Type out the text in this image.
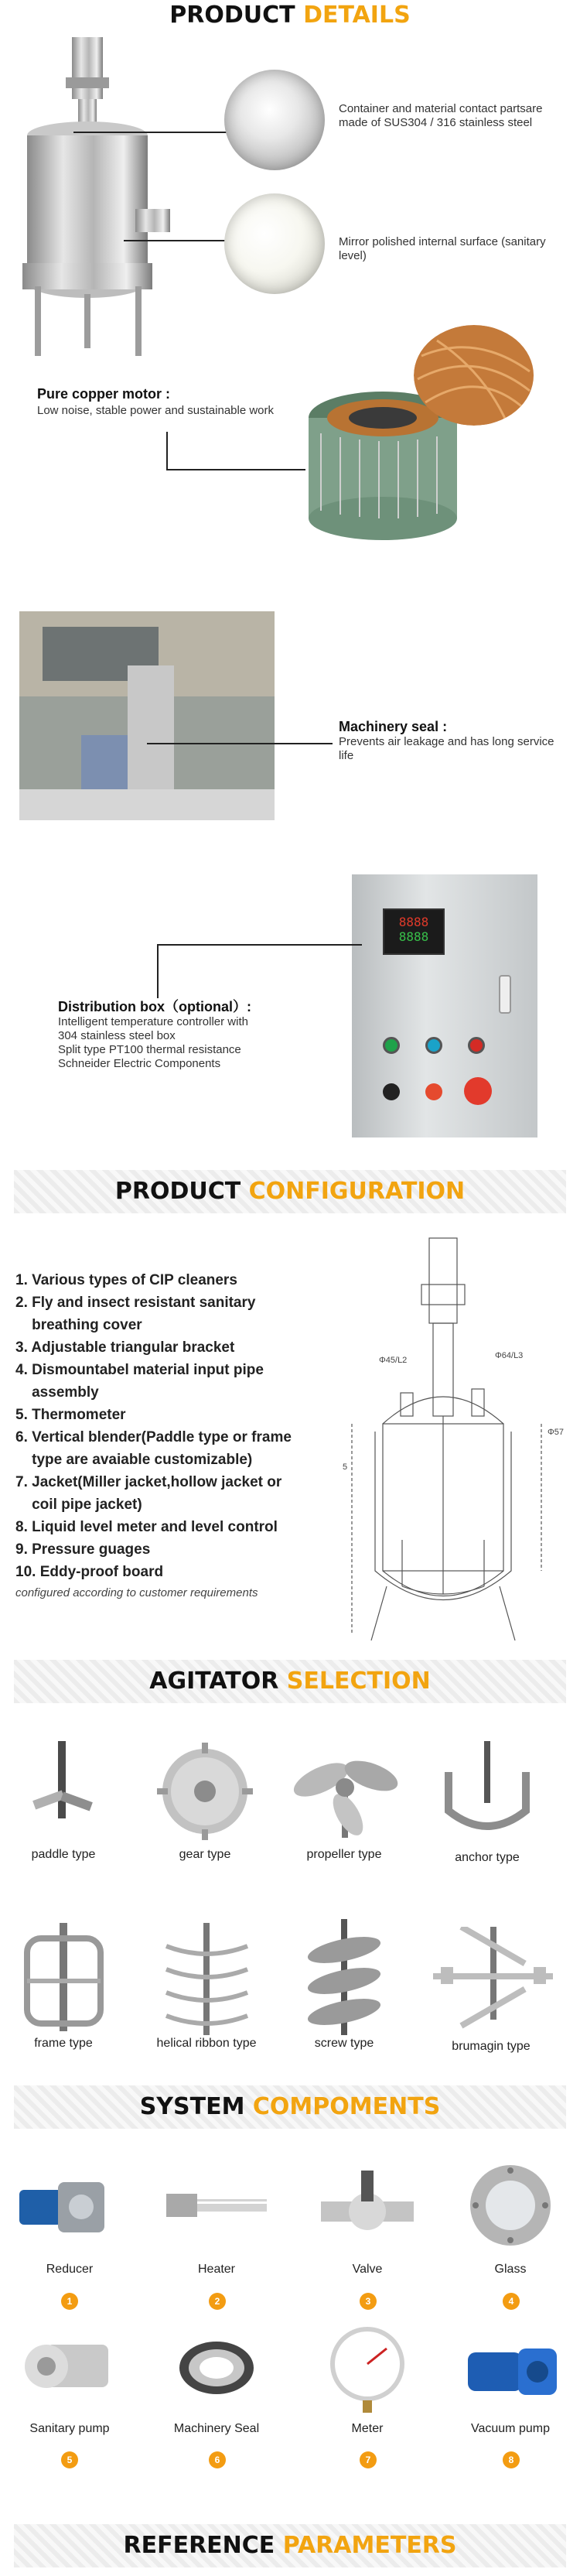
PRODUCT DETAILS
Container and material contact partsare made of SUS304 / 316 stainless steel
Mirror polished internal surface (sanitary level)
Pure copper motor :
Low noise, stable power and sustainable work
Machinery seal :
Prevents air leakage and has long service life
8888
8888
Distribution box（optional）:
Intelligent temperature controller with
304 stainless steel box
Split type PT100 thermal resistance
Schneider Electric Components
PRODUCT CONFIGURATION
1. Various types of CIP cleaners
2. Fly and insect resistant sanitary
breathing cover
3. Adjustable triangular bracket
4. Dismountabel material input pipe
assembly
5. Thermometer
6. Vertical blender(Paddle type or frame
type are avaiable customizable)
7. Jacket(Miller jacket,hollow jacket or
coil pipe jacket)
8. Liquid level meter and level control
9. Pressure guages
10. Eddy-proof board
configured according to customer requirements
Φ45/L2	Φ64/L3
Φ57
5
AGITATOR SELECTION
paddle type	gear type	propeller type	anchor type
frame type	helical ribbon type	screw type	brumagin type
SYSTEM COMPOMENTS
Reducer
1
Heater
2
Valve
3
Glass
4
Sanitary pump
5
Machinery Seal
6
Meter
7
Vacuum pump
8
REFERENCE PARAMETERS
